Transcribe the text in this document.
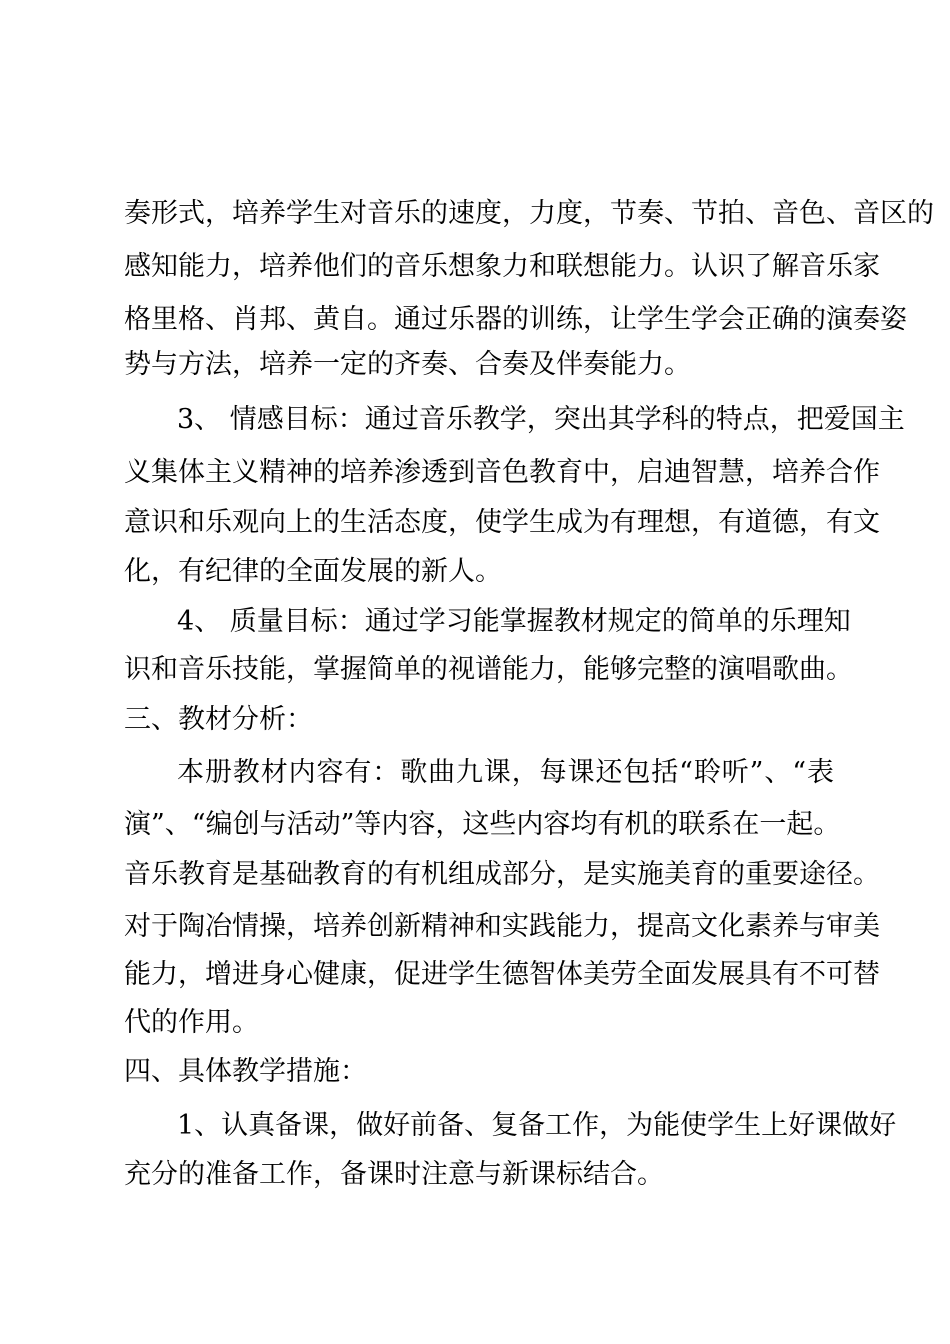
奏形式，培养学生对音乐的速度，力度，节奏、节拍、音色、音区的
感知能力，培养他们的音乐想象力和联想能力。认识了解音乐家
格里格、肖邦、黄自。通过乐器的训练，让学生学会正确的演奏姿
势与方法，培养一定的齐奏、合奏及伴奏能力。
3、 情感目标：通过音乐教学，突出其学科的特点，把爱国主
义集体主义精神的培养渗透到音色教育中，启迪智慧，培养合作
意识和乐观向上的生活态度，使学生成为有理想，有道德，有文
化，有纪律的全面发展的新人。
4、 质量目标：通过学习能掌握教材规定的简单的乐理知
识和音乐技能，掌握简单的视谱能力，能够完整的演唱歌曲。
三、教材分析：
本册教材内容有：歌曲九课，每课还包括“聆听”、“表
演”、“编创与活动”等内容，这些内容均有机的联系在一起。
音乐教育是基础教育的有机组成部分，是实施美育的重要途径。
对于陶冶情操，培养创新精神和实践能力，提高文化素养与审美
能力，增进身心健康，促进学生德智体美劳全面发展具有不可替
代的作用。
四、具体教学措施：
1、认真备课，做好前备、复备工作，为能使学生上好课做好
充分的准备工作，备课时注意与新课标结合。
